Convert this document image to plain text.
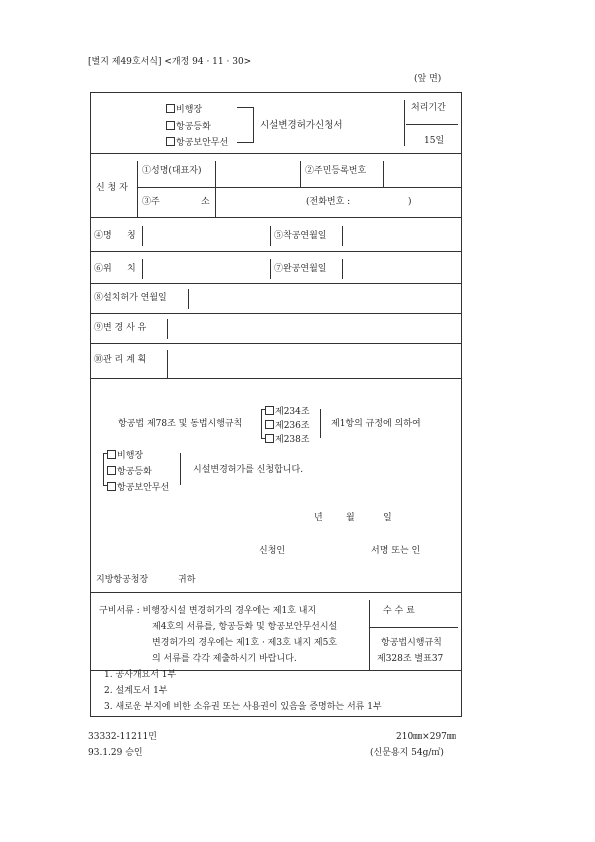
[별지 제49호서식] <개정 94 · 11 · 30>
(앞 면)
비행장
항공등화
항공보안무선
시설변경허가신청서
처리기간
15일
신 청 자
①성명(대표자)	②주민등록번호
③주	소	(전화번호 :	)
④명 칭	⑤착공연월일
⑥위 치	⑦완공연월일
⑧설치허가 연월일
⑨변 경 사 유
⑩관 리 계 획
제234조
항공법 제78조 및 동법시행규칙	제236조 제1항의 규정에 의하여
제238조
비행장
항공등화
항공보안무선
시설변경허가를 신청합니다.
년	월	일
신청인	서명 또는 인
지방항공청장	귀하
구비서류 : 비행장시설 변경허가의 경우에는 제1호 내지
제4호의 서류를, 항공등화 및 항공보안무선시설
변경허가의 경우에는 제1호 · 제3호 내지 제5호
의 서류를 각각 제출하시기 바랍니다.
수 수 료
항공법시행규칙
제328조 별표37
1. 공사개요서 1부
2. 설계도서 1부
3. 새로운 부지에 비한 소유권 또는 사용권이 있음을 증명하는 서류 1부
33332-11211민
93.1.29 승인
210㎜×297㎜
(신문용지 54g/㎡)
